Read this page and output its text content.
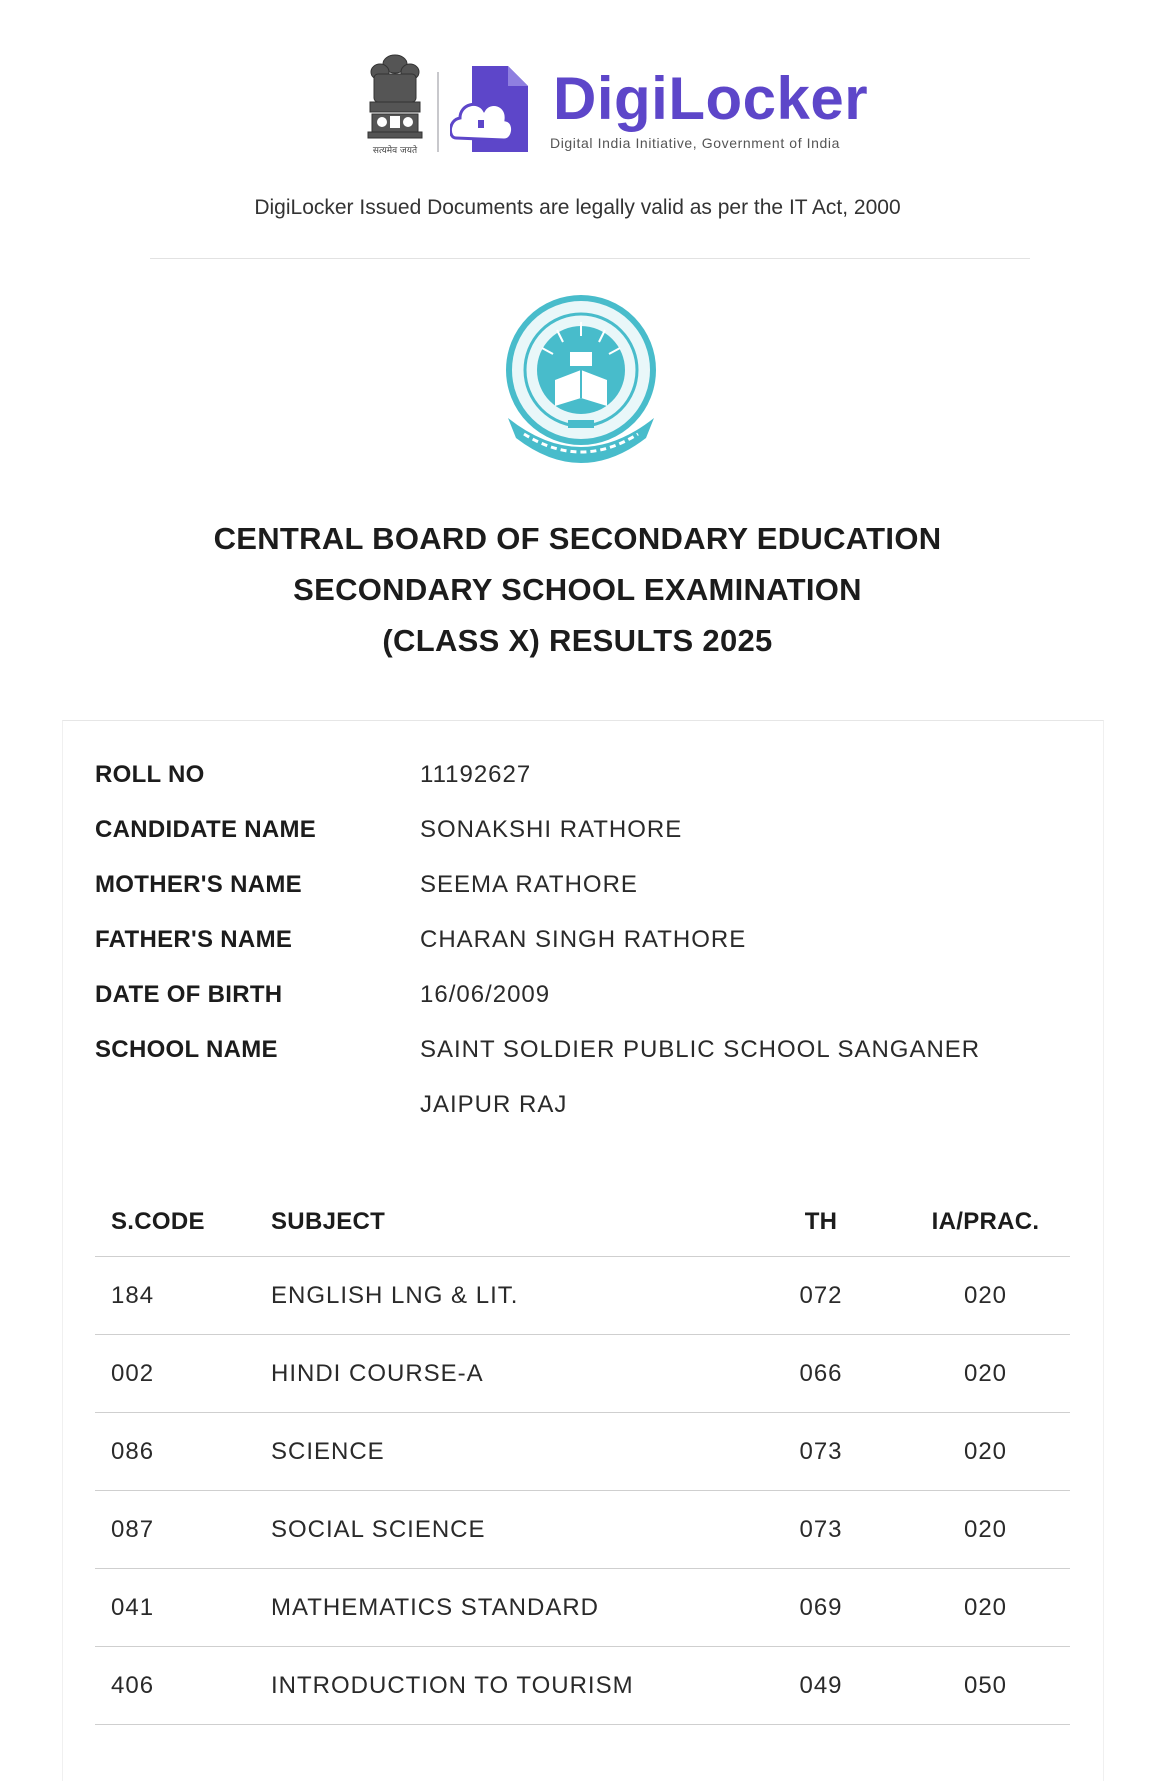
सत्यमेव जयते
DigiLocker
Digital India Initiative, Government of India
DigiLocker Issued Documents are legally valid as per the IT Act, 2000
CENTRAL BOARD OF SECONDARY EDUCATION
SECONDARY SCHOOL EXAMINATION
(CLASS X) RESULTS 2025
ROLL NO	11192627
CANDIDATE NAME	SONAKSHI RATHORE
MOTHER'S NAME	SEEMA RATHORE
FATHER'S NAME	CHARAN SINGH RATHORE
DATE OF BIRTH	16/06/2009
SCHOOL NAME	SAINT SOLDIER PUBLIC SCHOOL SANGANER
JAIPUR RAJ
S.CODE	SUBJECT	TH	IA/PRAC.
184	ENGLISH LNG & LIT.	072	020
002	HINDI COURSE-A	066	020
086	SCIENCE	073	020
087	SOCIAL SCIENCE	073	020
041	MATHEMATICS STANDARD	069	020
406	INTRODUCTION TO TOURISM	049	050
